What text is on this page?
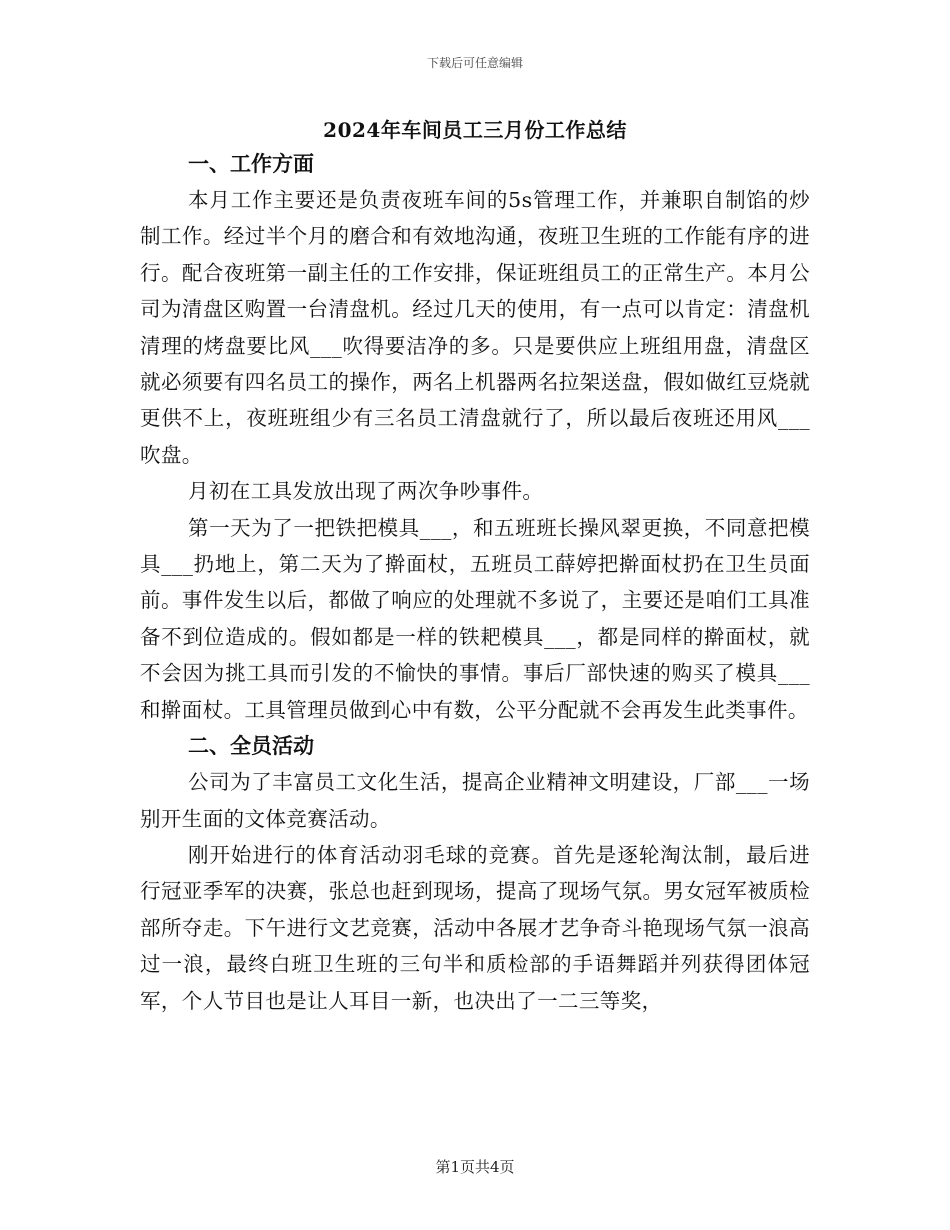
下载后可任意编辑
2024年车间员工三月份工作总结

一、工作方面

本月工作主要还是负责夜班车间的5s管理工作，并兼职自制馅的炒制工作。经过半个月的磨合和有效地沟通，夜班卫生班的工作能有序的进行。配合夜班第一副主任的工作安排，保证班组员工的正常生产。本月公司为清盘区购置一台清盘机。经过几天的使用，有一点可以肯定：清盘机清理的烤盘要比风___吹得要洁净的多。只是要供应上班组用盘，清盘区就必须要有四名员工的操作，两名上机器两名拉架送盘，假如做红豆烧就更供不上，夜班班组少有三名员工清盘就行了，所以最后夜班还用风___吹盘。

月初在工具发放出现了两次争吵事件。

第一天为了一把铁把模具___，和五班班长操风翠更换，不同意把模具___扔地上，第二天为了擀面杖，五班员工薛婷把擀面杖扔在卫生员面前。事件发生以后，都做了响应的处理就不多说了，主要还是咱们工具准备不到位造成的。假如都是一样的铁耙模具___，都是同样的擀面杖，就不会因为挑工具而引发的不愉快的事情。事后厂部快速的购买了模具___和擀面杖。工具管理员做到心中有数，公平分配就不会再发生此类事件。

二、全员活动

公司为了丰富员工文化生活，提高企业精神文明建设，厂部___一场别开生面的文体竞赛活动。

刚开始进行的体育活动羽毛球的竞赛。首先是逐轮淘汰制，最后进行冠亚季军的决赛，张总也赶到现场，提高了现场气氛。男女冠军被质检部所夺走。下午进行文艺竞赛，活动中各展才艺争奇斗艳现场气氛一浪高过一浪，最终白班卫生班的三句半和质检部的手语舞蹈并列获得团体冠军，个人节目也是让人耳目一新，也决出了一二三等奖，

第1页共4页
